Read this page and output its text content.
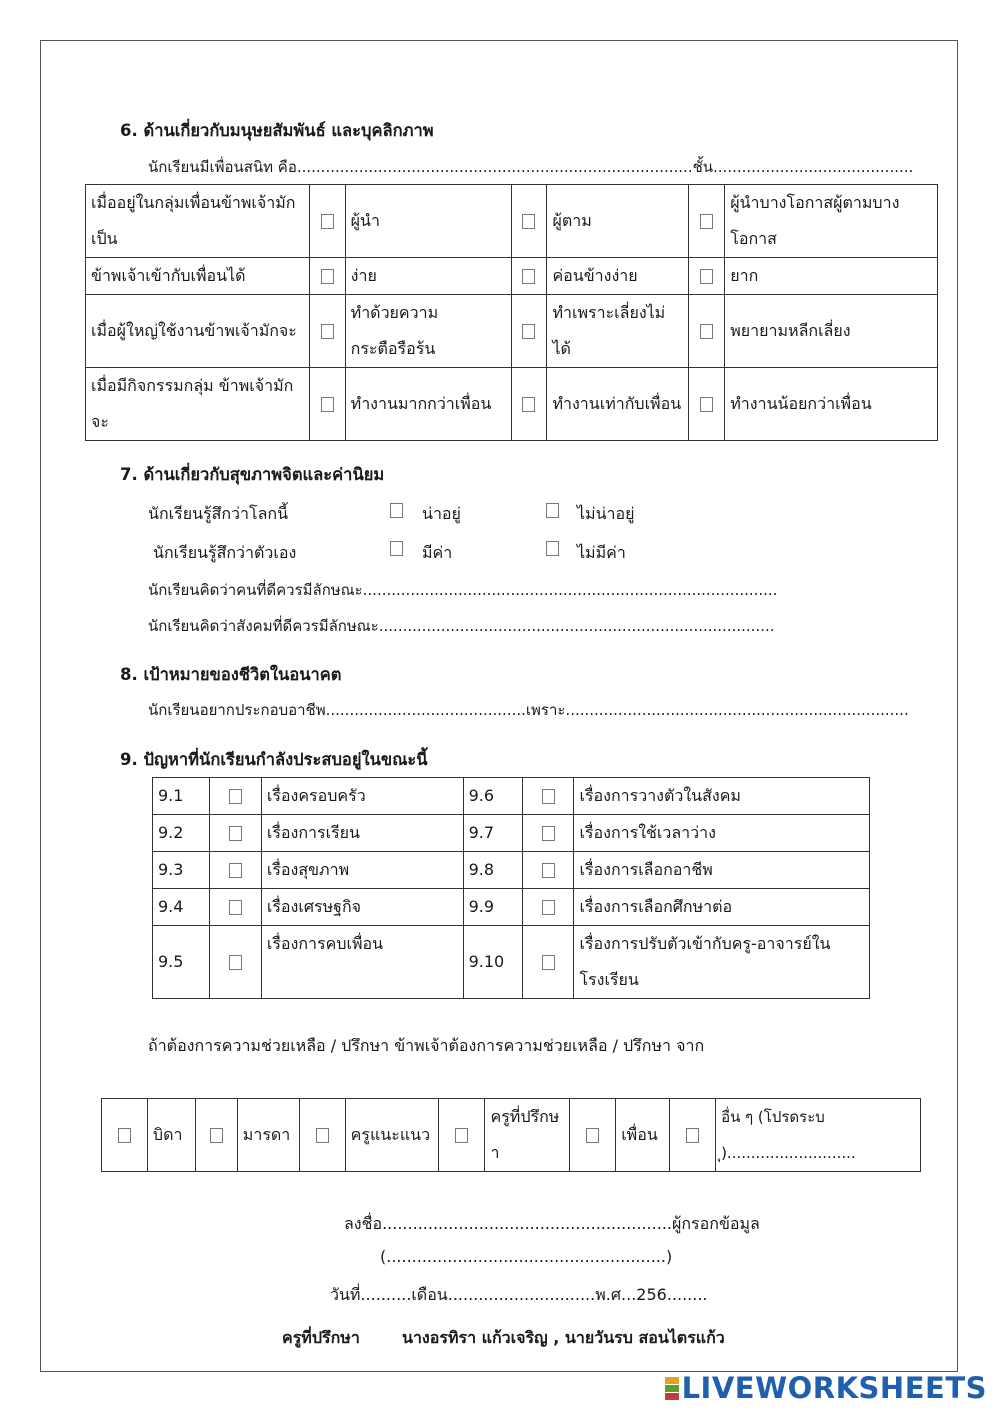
6. ด้านเกี่ยวกับมนุษยสัมพันธ์ และบุคลิกภาพ
นักเรียนมีเพื่อนสนิท คือ...................................................................................ชั้น..........................................
เมื่ออยู่ในกลุ่มเพื่อนข้าพเจ้ามักเป็น		ผู้นำ		ผู้ตาม		ผู้นำบางโอกาสผู้ตามบางโอกาส
ข้าพเจ้าเข้ากับเพื่อนได้		ง่าย		ค่อนข้างง่าย		ยาก
เมื่อผู้ใหญ่ใช้งานข้าพเจ้ามักจะ		ทำด้วยความกระตือรือร้น		ทำเพราะเลี่ยงไม่ได้		พยายามหลีกเลี่ยง
เมื่อมีกิจกรรมกลุ่ม ข้าพเจ้ามักจะ		ทำงานมากกว่าเพื่อน		ทำงานเท่ากับเพื่อน		ทำงานน้อยกว่าเพื่อน
7. ด้านเกี่ยวกับสุขภาพจิตและค่านิยม
นักเรียนรู้สึกว่าโลกนี้	น่าอยู่	ไม่น่าอยู่
นักเรียนรู้สึกว่าตัวเอง	มีค่า	ไม่มีค่า
นักเรียนคิดว่าคนที่ดีควรมีลักษณะ.......................................................................................
นักเรียนคิดว่าสังคมที่ดีควรมีลักษณะ...................................................................................
8. เป้าหมายของชีวิตในอนาคต
นักเรียนอยากประกอบอาชีพ..........................................เพราะ........................................................................
9. ปัญหาที่นักเรียนกำลังประสบอยู่ในขณะนี้
9.1		เรื่องครอบครัว	9.6		เรื่องการวางตัวในสังคม
9.2		เรื่องการเรียน	9.7		เรื่องการใช้เวลาว่าง
9.3		เรื่องสุขภาพ	9.8		เรื่องการเลือกอาชีพ
9.4		เรื่องเศรษฐกิจ	9.9		เรื่องการเลือกศึกษาต่อ
9.5		เรื่องการคบเพื่อน	9.10		เรื่องการปรับตัวเข้ากับครู-อาจารย์ในโรงเรียน
ถ้าต้องการความช่วยเหลือ / ปรึกษา ข้าพเจ้าต้องการความช่วยเหลือ / ปรึกษา จาก
	บิดา		มารดา		ครูแนะแนว		ครูที่ปรึกษา		เพื่อน		อื่น ๆ (โปรดระบุ)...........................
ลงชื่อ.........................................................ผู้กรอกข้อมูล
(.......................................................)
วันที่..........เดือน.............................พ.ศ...256........
ครูที่ปรึกษา	นางอรทิรา แก้วเจริญ , นายวันรบ สอนไตรแก้ว
LIVEWORKSHEETS
